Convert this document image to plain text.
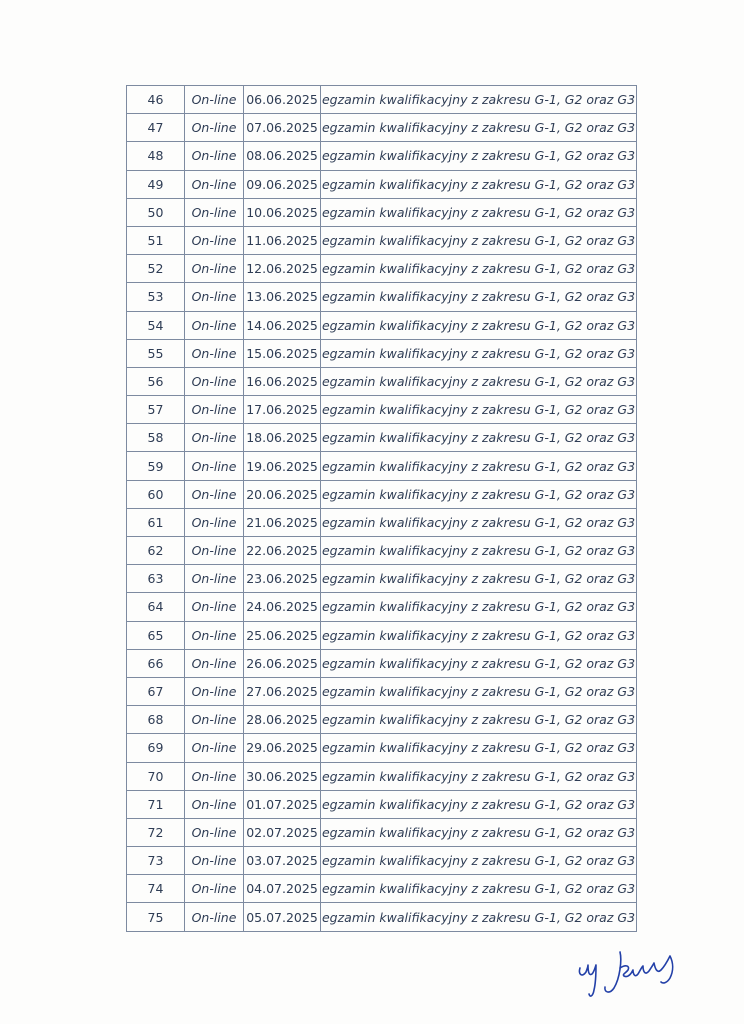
46	On-line	06.06.2025	egzamin kwalifikacyjny z zakresu G-1, G2 oraz G3
47	On-line	07.06.2025	egzamin kwalifikacyjny z zakresu G-1, G2 oraz G3
48	On-line	08.06.2025	egzamin kwalifikacyjny z zakresu G-1, G2 oraz G3
49	On-line	09.06.2025	egzamin kwalifikacyjny z zakresu G-1, G2 oraz G3
50	On-line	10.06.2025	egzamin kwalifikacyjny z zakresu G-1, G2 oraz G3
51	On-line	11.06.2025	egzamin kwalifikacyjny z zakresu G-1, G2 oraz G3
52	On-line	12.06.2025	egzamin kwalifikacyjny z zakresu G-1, G2 oraz G3
53	On-line	13.06.2025	egzamin kwalifikacyjny z zakresu G-1, G2 oraz G3
54	On-line	14.06.2025	egzamin kwalifikacyjny z zakresu G-1, G2 oraz G3
55	On-line	15.06.2025	egzamin kwalifikacyjny z zakresu G-1, G2 oraz G3
56	On-line	16.06.2025	egzamin kwalifikacyjny z zakresu G-1, G2 oraz G3
57	On-line	17.06.2025	egzamin kwalifikacyjny z zakresu G-1, G2 oraz G3
58	On-line	18.06.2025	egzamin kwalifikacyjny z zakresu G-1, G2 oraz G3
59	On-line	19.06.2025	egzamin kwalifikacyjny z zakresu G-1, G2 oraz G3
60	On-line	20.06.2025	egzamin kwalifikacyjny z zakresu G-1, G2 oraz G3
61	On-line	21.06.2025	egzamin kwalifikacyjny z zakresu G-1, G2 oraz G3
62	On-line	22.06.2025	egzamin kwalifikacyjny z zakresu G-1, G2 oraz G3
63	On-line	23.06.2025	egzamin kwalifikacyjny z zakresu G-1, G2 oraz G3
64	On-line	24.06.2025	egzamin kwalifikacyjny z zakresu G-1, G2 oraz G3
65	On-line	25.06.2025	egzamin kwalifikacyjny z zakresu G-1, G2 oraz G3
66	On-line	26.06.2025	egzamin kwalifikacyjny z zakresu G-1, G2 oraz G3
67	On-line	27.06.2025	egzamin kwalifikacyjny z zakresu G-1, G2 oraz G3
68	On-line	28.06.2025	egzamin kwalifikacyjny z zakresu G-1, G2 oraz G3
69	On-line	29.06.2025	egzamin kwalifikacyjny z zakresu G-1, G2 oraz G3
70	On-line	30.06.2025	egzamin kwalifikacyjny z zakresu G-1, G2 oraz G3
71	On-line	01.07.2025	egzamin kwalifikacyjny z zakresu G-1, G2 oraz G3
72	On-line	02.07.2025	egzamin kwalifikacyjny z zakresu G-1, G2 oraz G3
73	On-line	03.07.2025	egzamin kwalifikacyjny z zakresu G-1, G2 oraz G3
74	On-line	04.07.2025	egzamin kwalifikacyjny z zakresu G-1, G2 oraz G3
75	On-line	05.07.2025	egzamin kwalifikacyjny z zakresu G-1, G2 oraz G3
